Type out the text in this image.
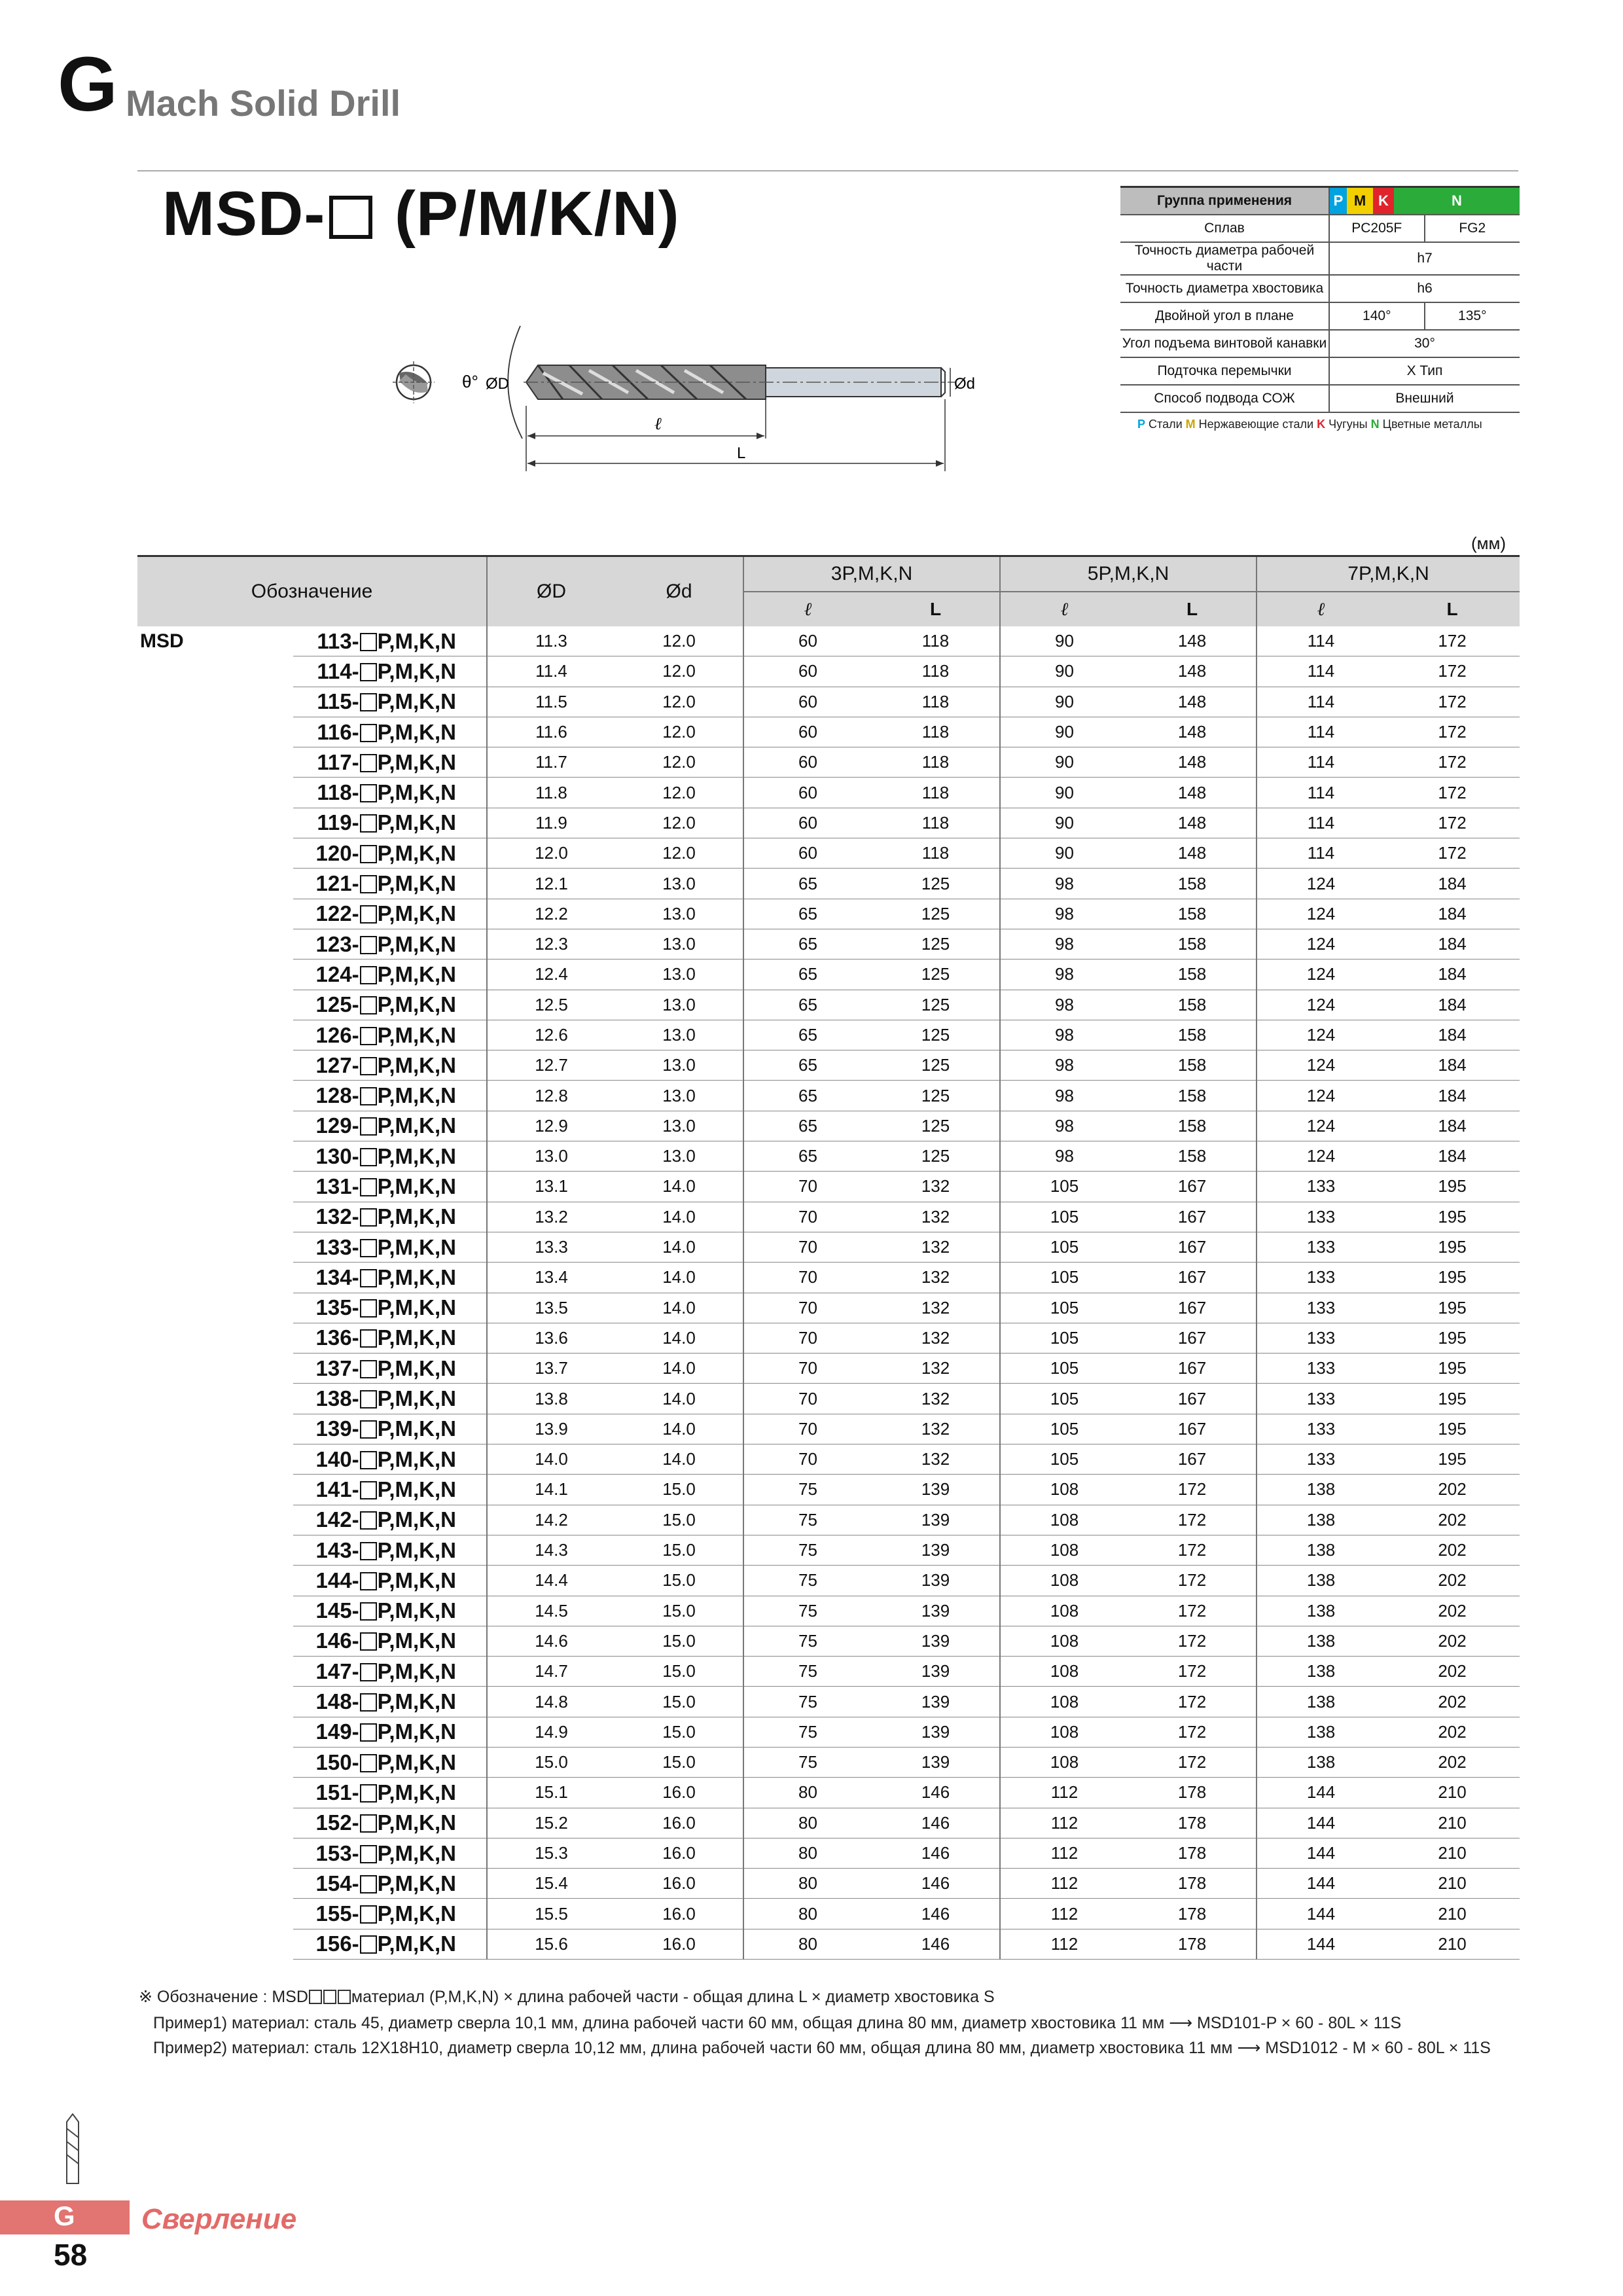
G Mach Solid Drill
MSD- (P/M/K/N)	Группа применения	P M K N	

Сплав	PC205F	FG2
Точность диаметра рабочей части	h7	
Точность диаметра хвостовика	h6	
Двойной угол в плане	140°	135°
Угол подъема винтовой канавки	30°	
Подточка перемычки	X Тип	
Способ подвода СОЖ	Внешний	
P Стали M Нержавеющие стали K Чугуны N Цветные металлы
θ° ØD	Ød
ℓ
L
(мм)
Обозначение		ØD	Ød	3P,M,K,N		5P,M,K,N		7P,M,K,N	
				ℓ	L	ℓ	L	ℓ	L
MSD	113- P,M,K,N	11.3	12.0	60	118	90	148	114	172
	114- P,M,K,N	11.4	12.0	60	118	90	148	114	172
	115- P,M,K,N	11.5	12.0	60	118	90	148	114	172
	116- P,M,K,N	11.6	12.0	60	118	90	148	114	172
	117- P,M,K,N	11.7	12.0	60	118	90	148	114	172
	118- P,M,K,N	11.8	12.0	60	118	90	148	114	172
	119- P,M,K,N	11.9	12.0	60	118	90	148	114	172
	120- P,M,K,N	12.0	12.0	60	118	90	148	114	172
	121- P,M,K,N	12.1	13.0	65	125	98	158	124	184
	122- P,M,K,N	12.2	13.0	65	125	98	158	124	184
	123- P,M,K,N	12.3	13.0	65	125	98	158	124	184
	124- P,M,K,N	12.4	13.0	65	125	98	158	124	184
	125- P,M,K,N	12.5	13.0	65	125	98	158	124	184
	126- P,M,K,N	12.6	13.0	65	125	98	158	124	184
	127- P,M,K,N	12.7	13.0	65	125	98	158	124	184
	128- P,M,K,N	12.8	13.0	65	125	98	158	124	184
	129- P,M,K,N	12.9	13.0	65	125	98	158	124	184
	130- P,M,K,N	13.0	13.0	65	125	98	158	124	184
	131- P,M,K,N	13.1	14.0	70	132	105	167	133	195
	132- P,M,K,N	13.2	14.0	70	132	105	167	133	195
	133- P,M,K,N	13.3	14.0	70	132	105	167	133	195
	134- P,M,K,N	13.4	14.0	70	132	105	167	133	195
	135- P,M,K,N	13.5	14.0	70	132	105	167	133	195
	136- P,M,K,N	13.6	14.0	70	132	105	167	133	195
	137- P,M,K,N	13.7	14.0	70	132	105	167	133	195
	138- P,M,K,N	13.8	14.0	70	132	105	167	133	195
	139- P,M,K,N	13.9	14.0	70	132	105	167	133	195
	140- P,M,K,N	14.0	14.0	70	132	105	167	133	195
	141- P,M,K,N	14.1	15.0	75	139	108	172	138	202
	142- P,M,K,N	14.2	15.0	75	139	108	172	138	202
	143- P,M,K,N	14.3	15.0	75	139	108	172	138	202
	144- P,M,K,N	14.4	15.0	75	139	108	172	138	202
	145- P,M,K,N	14.5	15.0	75	139	108	172	138	202
	146- P,M,K,N	14.6	15.0	75	139	108	172	138	202
	147- P,M,K,N	14.7	15.0	75	139	108	172	138	202
	148- P,M,K,N	14.8	15.0	75	139	108	172	138	202
	149- P,M,K,N	14.9	15.0	75	139	108	172	138	202
	150- P,M,K,N	15.0	15.0	75	139	108	172	138	202
	151- P,M,K,N	15.1	16.0	80	146	112	178	144	210
	152- P,M,K,N	15.2	16.0	80	146	112	178	144	210
	153- P,M,K,N	15.3	16.0	80	146	112	178	144	210
	154- P,M,K,N	15.4	16.0	80	146	112	178	144	210
	155- P,M,K,N	15.5	16.0	80	146	112	178	144	210
	156- P,M,K,N	15.6	16.0	80	146	112	178	144	210
※ Обозначение : MSD	материал (P,M,K,N) × длина рабочей части - общая длина L × диаметр хвостовика S
Пример1) материал: сталь 45, диаметр сверла 10,1 мм, длина рабочей части 60 мм, общая длина 80 мм, диаметр хвостовика 11 мм ⟶ MSD101-P × 60 - 80L × 11S
Пример2) материал: сталь 12Х18Н10, диаметр сверла 10,12 мм, длина рабочей части 60 мм, общая длина 80 мм, диаметр хвостовика 11 мм ⟶ MSD1012 - M × 60 - 80L × 11S
G Сверление
58
